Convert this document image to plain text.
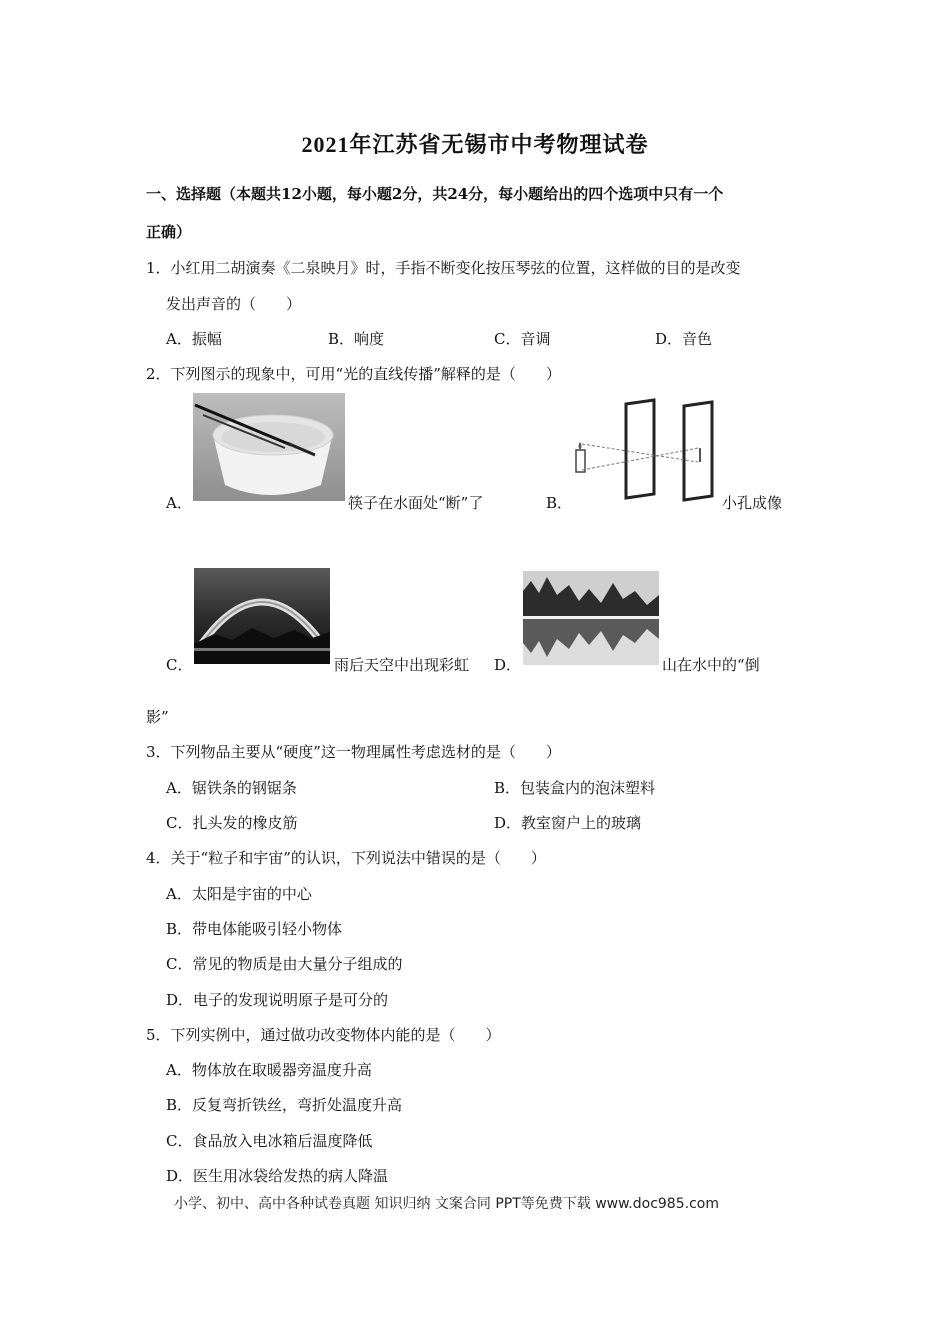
2021年江苏省无锡市中考物理试卷
一、选择题（本题共12小题，每小题2分，共24分，每小题给出的四个选项中只有一个
正确）
1．小红用二胡演奏《二泉映月》时，手指不断变化按压琴弦的位置，这样做的目的是改变
发出声音的（　　）
A．振幅	B．响度	C．音调	D．音色
2．下列图示的现象中，可用“光的直线传播”解释的是（　　）
A．	筷子在水面处“断”了	B．	小孔成像
C．	雨后天空中出现彩虹 D．	山在水中的“倒
影”
3．下列物品主要从“硬度”这一物理属性考虑选材的是（　　）
A．锯铁条的钢锯条	B．包装盒内的泡沫塑料
C．扎头发的橡皮筋	D．教室窗户上的玻璃
4．关于“粒子和宇宙”的认识，下列说法中错误的是（　　）
A．太阳是宇宙的中心
B．带电体能吸引轻小物体
C．常见的物质是由大量分子组成的
D．电子的发现说明原子是可分的
5．下列实例中，通过做功改变物体内能的是（　　）
A．物体放在取暖器旁温度升高
B．反复弯折铁丝，弯折处温度升高
C．食品放入电冰箱后温度降低
D．医生用冰袋给发热的病人降温
小学、初中、高中各种试卷真题 知识归纳 文案合同 PPT等免费下载 www.doc985.com
